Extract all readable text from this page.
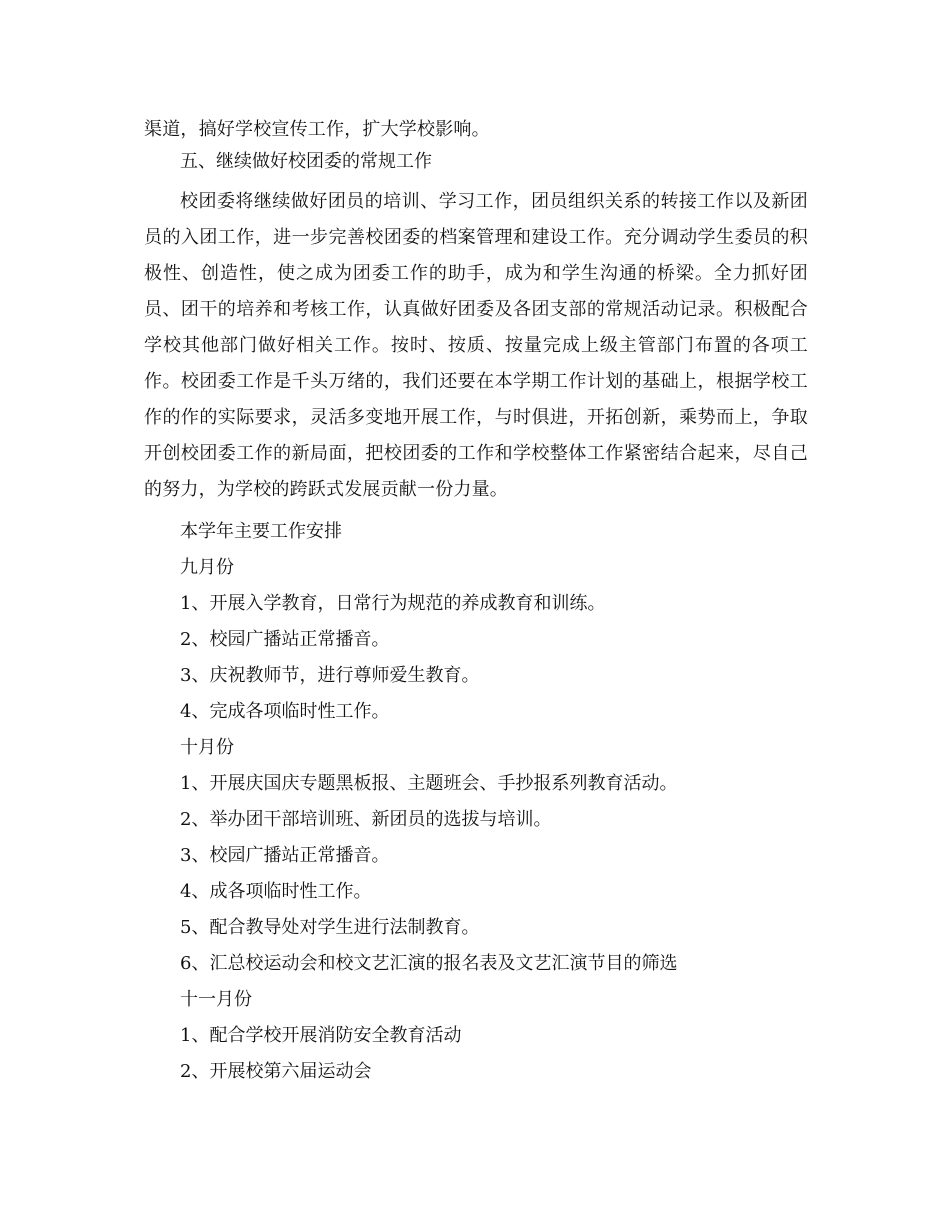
渠道，搞好学校宣传工作，扩大学校影响。
五、继续做好校团委的常规工作
校团委将继续做好团员的培训、学习工作，团员组织关系的转接工作以及新团员的入团工作，进一步完善校团委的档案管理和建设工作。充分调动学生委员的积极性、创造性，使之成为团委工作的助手，成为和学生沟通的桥梁。全力抓好团员、团干的培养和考核工作，认真做好团委及各团支部的常规活动记录。积极配合学校其他部门做好相关工作。按时、按质、按量完成上级主管部门布置的各项工作。校团委工作是千头万绪的，我们还要在本学期工作计划的基础上，根据学校工作的作的实际要求，灵活多变地开展工作，与时俱进，开拓创新，乘势而上，争取开创校团委工作的新局面，把校团委的工作和学校整体工作紧密结合起来，尽自己的努力，为学校的跨跃式发展贡献一份力量。
本学年主要工作安排
九月份
1、开展入学教育，日常行为规范的养成教育和训练。
2、校园广播站正常播音。
3、庆祝教师节，进行尊师爱生教育。
4、完成各项临时性工作。
十月份
1、开展庆国庆专题黑板报、主题班会、手抄报系列教育活动。
2、举办团干部培训班、新团员的选拔与培训。
3、校园广播站正常播音。
4、成各项临时性工作。
5、配合教导处对学生进行法制教育。
6、汇总校运动会和校文艺汇演的报名表及文艺汇演节目的筛选
十一月份
1、配合学校开展消防安全教育活动
2、开展校第六届运动会
